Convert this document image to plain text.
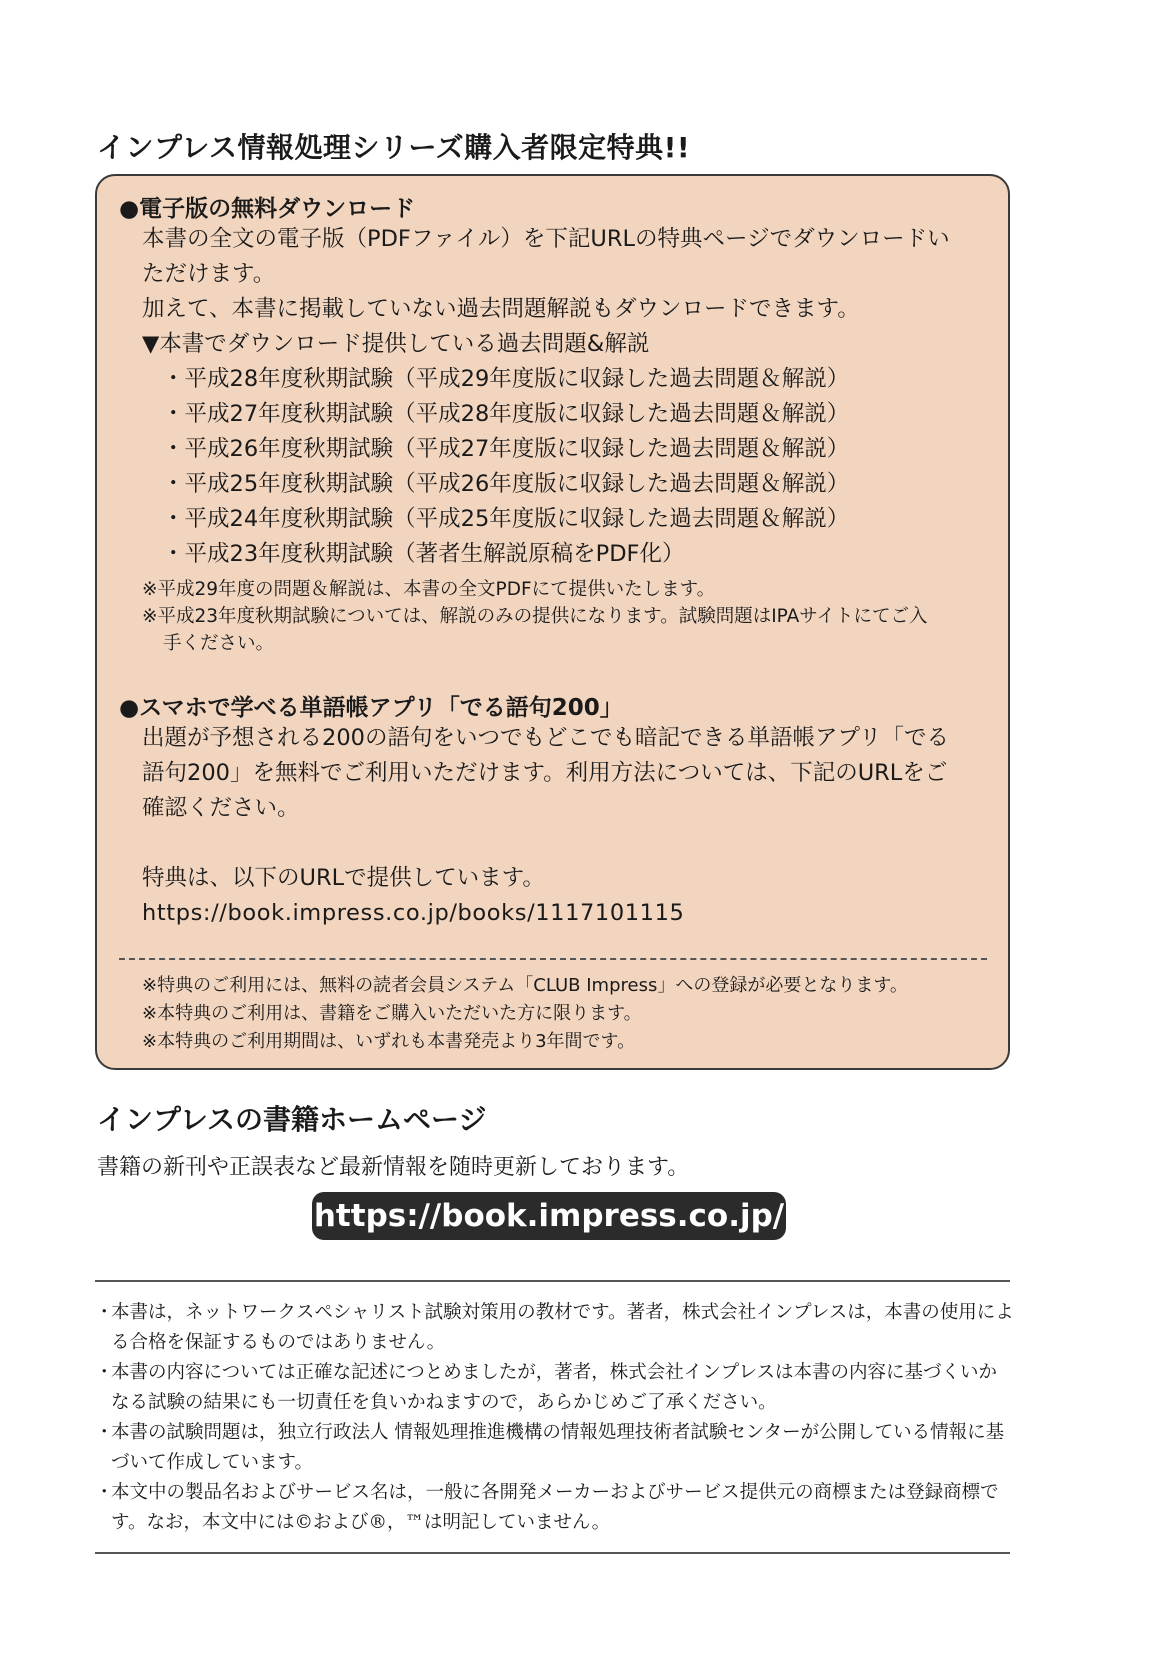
インプレス情報処理シリーズ購入者限定特典!!
●電子版の無料ダウンロード
本書の全文の電子版（PDFファイル）を下記URLの特典ページでダウンロードい
ただけます。
加えて、本書に掲載していない過去問題解説もダウンロードできます。
▼本書でダウンロード提供している過去問題&解説
・平成28年度秋期試験（平成29年度版に収録した過去問題＆解説）
・平成27年度秋期試験（平成28年度版に収録した過去問題＆解説）
・平成26年度秋期試験（平成27年度版に収録した過去問題＆解説）
・平成25年度秋期試験（平成26年度版に収録した過去問題＆解説）
・平成24年度秋期試験（平成25年度版に収録した過去問題＆解説）
・平成23年度秋期試験（著者生解説原稿をPDF化）
※平成29年度の問題＆解説は、本書の全文PDFにて提供いたします。
※平成23年度秋期試験については、解説のみの提供になります。試験問題はIPAサイトにてご入
手ください。
●スマホで学べる単語帳アプリ「でる語句200」
出題が予想される200の語句をいつでもどこでも暗記できる単語帳アプリ「でる
語句200」を無料でご利用いただけます。利用方法については、下記のURLをご
確認ください。
特典は、以下のURLで提供しています。
https://book.impress.co.jp/books/1117101115
※特典のご利用には、無料の読者会員システム「CLUB Impress」への登録が必要となります。
※本特典のご利用は、書籍をご購入いただいた方に限ります。
※本特典のご利用期間は、いずれも本書発売より3年間です。
インプレスの書籍ホームページ
書籍の新刊や正誤表など最新情報を随時更新しております。
https://book.impress.co.jp/
・
本書は，ネットワークスペシャリスト試験対策用の教材です。著者，株式会社インプレスは，本書の使用による合格を保証するものではありません。
・
本書の内容については正確な記述につとめましたが，著者，株式会社インプレスは本書の内容に基づくいかなる試験の結果にも一切責任を負いかねますので，あらかじめご了承ください。
・
本書の試験問題は，独立行政法人 情報処理推進機構の情報処理技術者試験センターが公開している情報に基づいて作成しています。
・
本文中の製品名およびサービス名は，一般に各開発メーカーおよびサービス提供元の商標または登録商標です。なお，本文中には©および®，™は明記していません。
